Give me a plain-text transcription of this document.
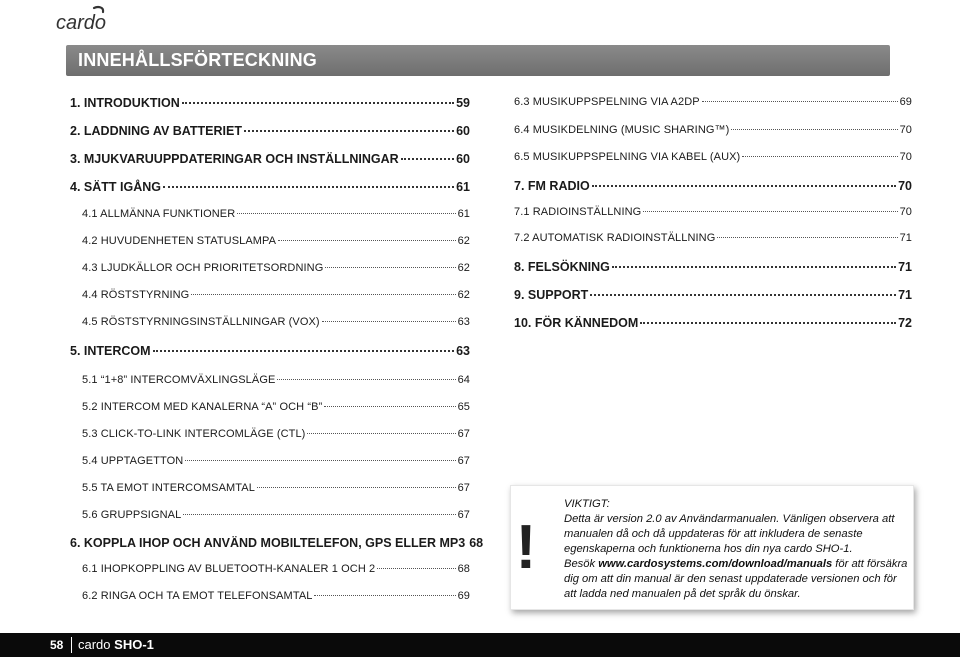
cardo
INNEHÅLLSFÖRTECKNING
1. INTRODUKTION	59
2. LADDNING AV BATTERIET	60
3. MJUKVARUUPPDATERINGAR OCH INSTÄLLNINGAR	60
4. SÄTT IGÅNG	61
4.1 ALLMÄNNA FUNKTIONER	61
4.2 HUVUDENHETEN STATUSLAMPA	62
4.3 LJUDKÄLLOR OCH PRIORITETSORDNING	62
4.4 RÖSTSTYRNING	62
4.5 RÖSTSTYRNINGSINSTÄLLNINGAR (VOX)	63
5. INTERCOM	63
5.1 “1+8” INTERCOMVÄXLINGSLÄGE	64
5.2 INTERCOM MED KANALERNA “A” OCH “B”	65
5.3 CLICK-TO-LINK INTERCOMLÄGE (CTL)	67
5.4 UPPTAGETTON	67
5.5 TA EMOT INTERCOMSAMTAL	67
5.6 GRUPPSIGNAL	67
6. KOPPLA IHOP OCH ANVÄND MOBILTELEFON, GPS ELLER MP3 68
6.1 IHOPKOPPLING AV BLUETOOTH-KANALER 1 OCH 2	68
6.2 RINGA OCH TA EMOT TELEFONSAMTAL	69
6.3 MUSIKUPPSPELNING VIA A2DP	69
6.4 MUSIKDELNING (MUSIC SHARING™)	70
6.5 MUSIKUPPSPELNING VIA KABEL (AUX)	70
7. FM RADIO	70
7.1 RADIOINSTÄLLNING	70
7.2 AUTOMATISK RADIOINSTÄLLNING	71
8. FELSÖKNING	71
9. SUPPORT	71
10. FÖR KÄNNEDOM	72
!

VIKTIGT:

Detta är version 2.0 av Användarmanualen. Vänligen observera att manualen då och då uppdateras för att inkludera de senaste egenskaperna och funktionerna hos din nya cardo SHO-1.

Besök www.cardosystems.com/download/manuals för att försäkra dig om att din manual är den senast uppdaterade versionen och för att ladda ned manualen på det språk du önskar.

58 cardo SHO-1
